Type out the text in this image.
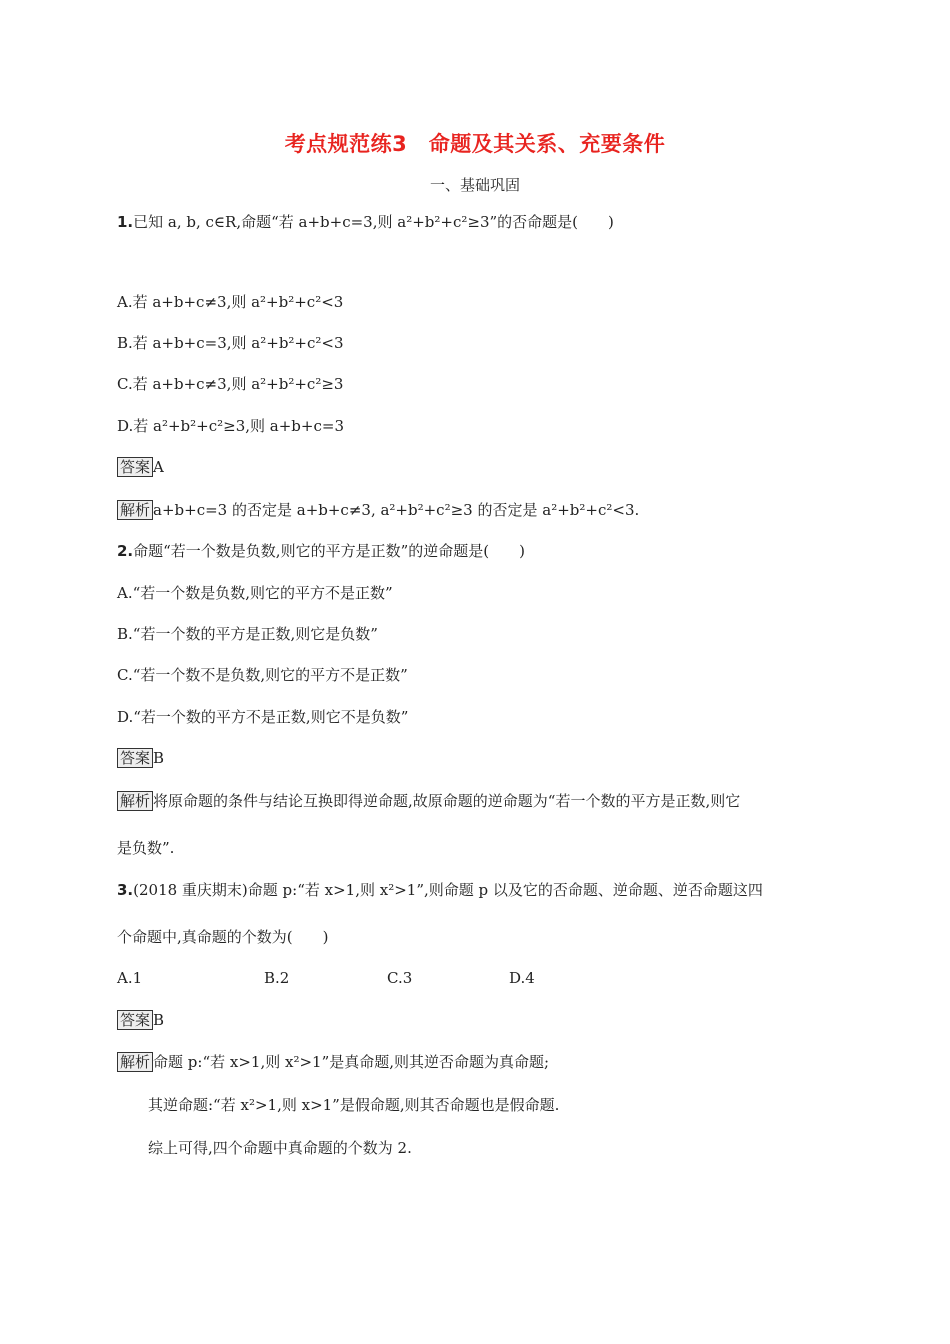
考点规范练3　命题及其关系、充要条件
一、基础巩固
1.已知 a, b, c∈R,命题“若 a+b+c=3,则 a²+b²+c²≥3”的否命题是(　　)
A.若 a+b+c≠3,则 a²+b²+c²<3
B.若 a+b+c=3,则 a²+b²+c²<3
C.若 a+b+c≠3,则 a²+b²+c²≥3
D.若 a²+b²+c²≥3,则 a+b+c=3
答案 A
解析 a+b+c=3 的否定是 a+b+c≠3, a²+b²+c²≥3 的否定是 a²+b²+c²<3.
2.命题“若一个数是负数,则它的平方是正数”的逆命题是(　　)
A.“若一个数是负数,则它的平方不是正数”
B.“若一个数的平方是正数,则它是负数”
C.“若一个数不是负数,则它的平方不是正数”
D.“若一个数的平方不是正数,则它不是负数”
答案 B
解析 将原命题的条件与结论互换即得逆命题,故原命题的逆命题为“若一个数的平方是正数,则它
是负数”.
3.(2018 重庆期末)命题 p:“若 x>1,则 x²>1”,则命题 p 以及它的否命题、逆命题、逆否命题这四
个命题中,真命题的个数为(　　)
A.1	B.2	C.3	D.4
答案 B
解析 命题 p:“若 x>1,则 x²>1”是真命题,则其逆否命题为真命题;
其逆命题:“若 x²>1,则 x>1”是假命题,则其否命题也是假命题.
综上可得,四个命题中真命题的个数为 2.
